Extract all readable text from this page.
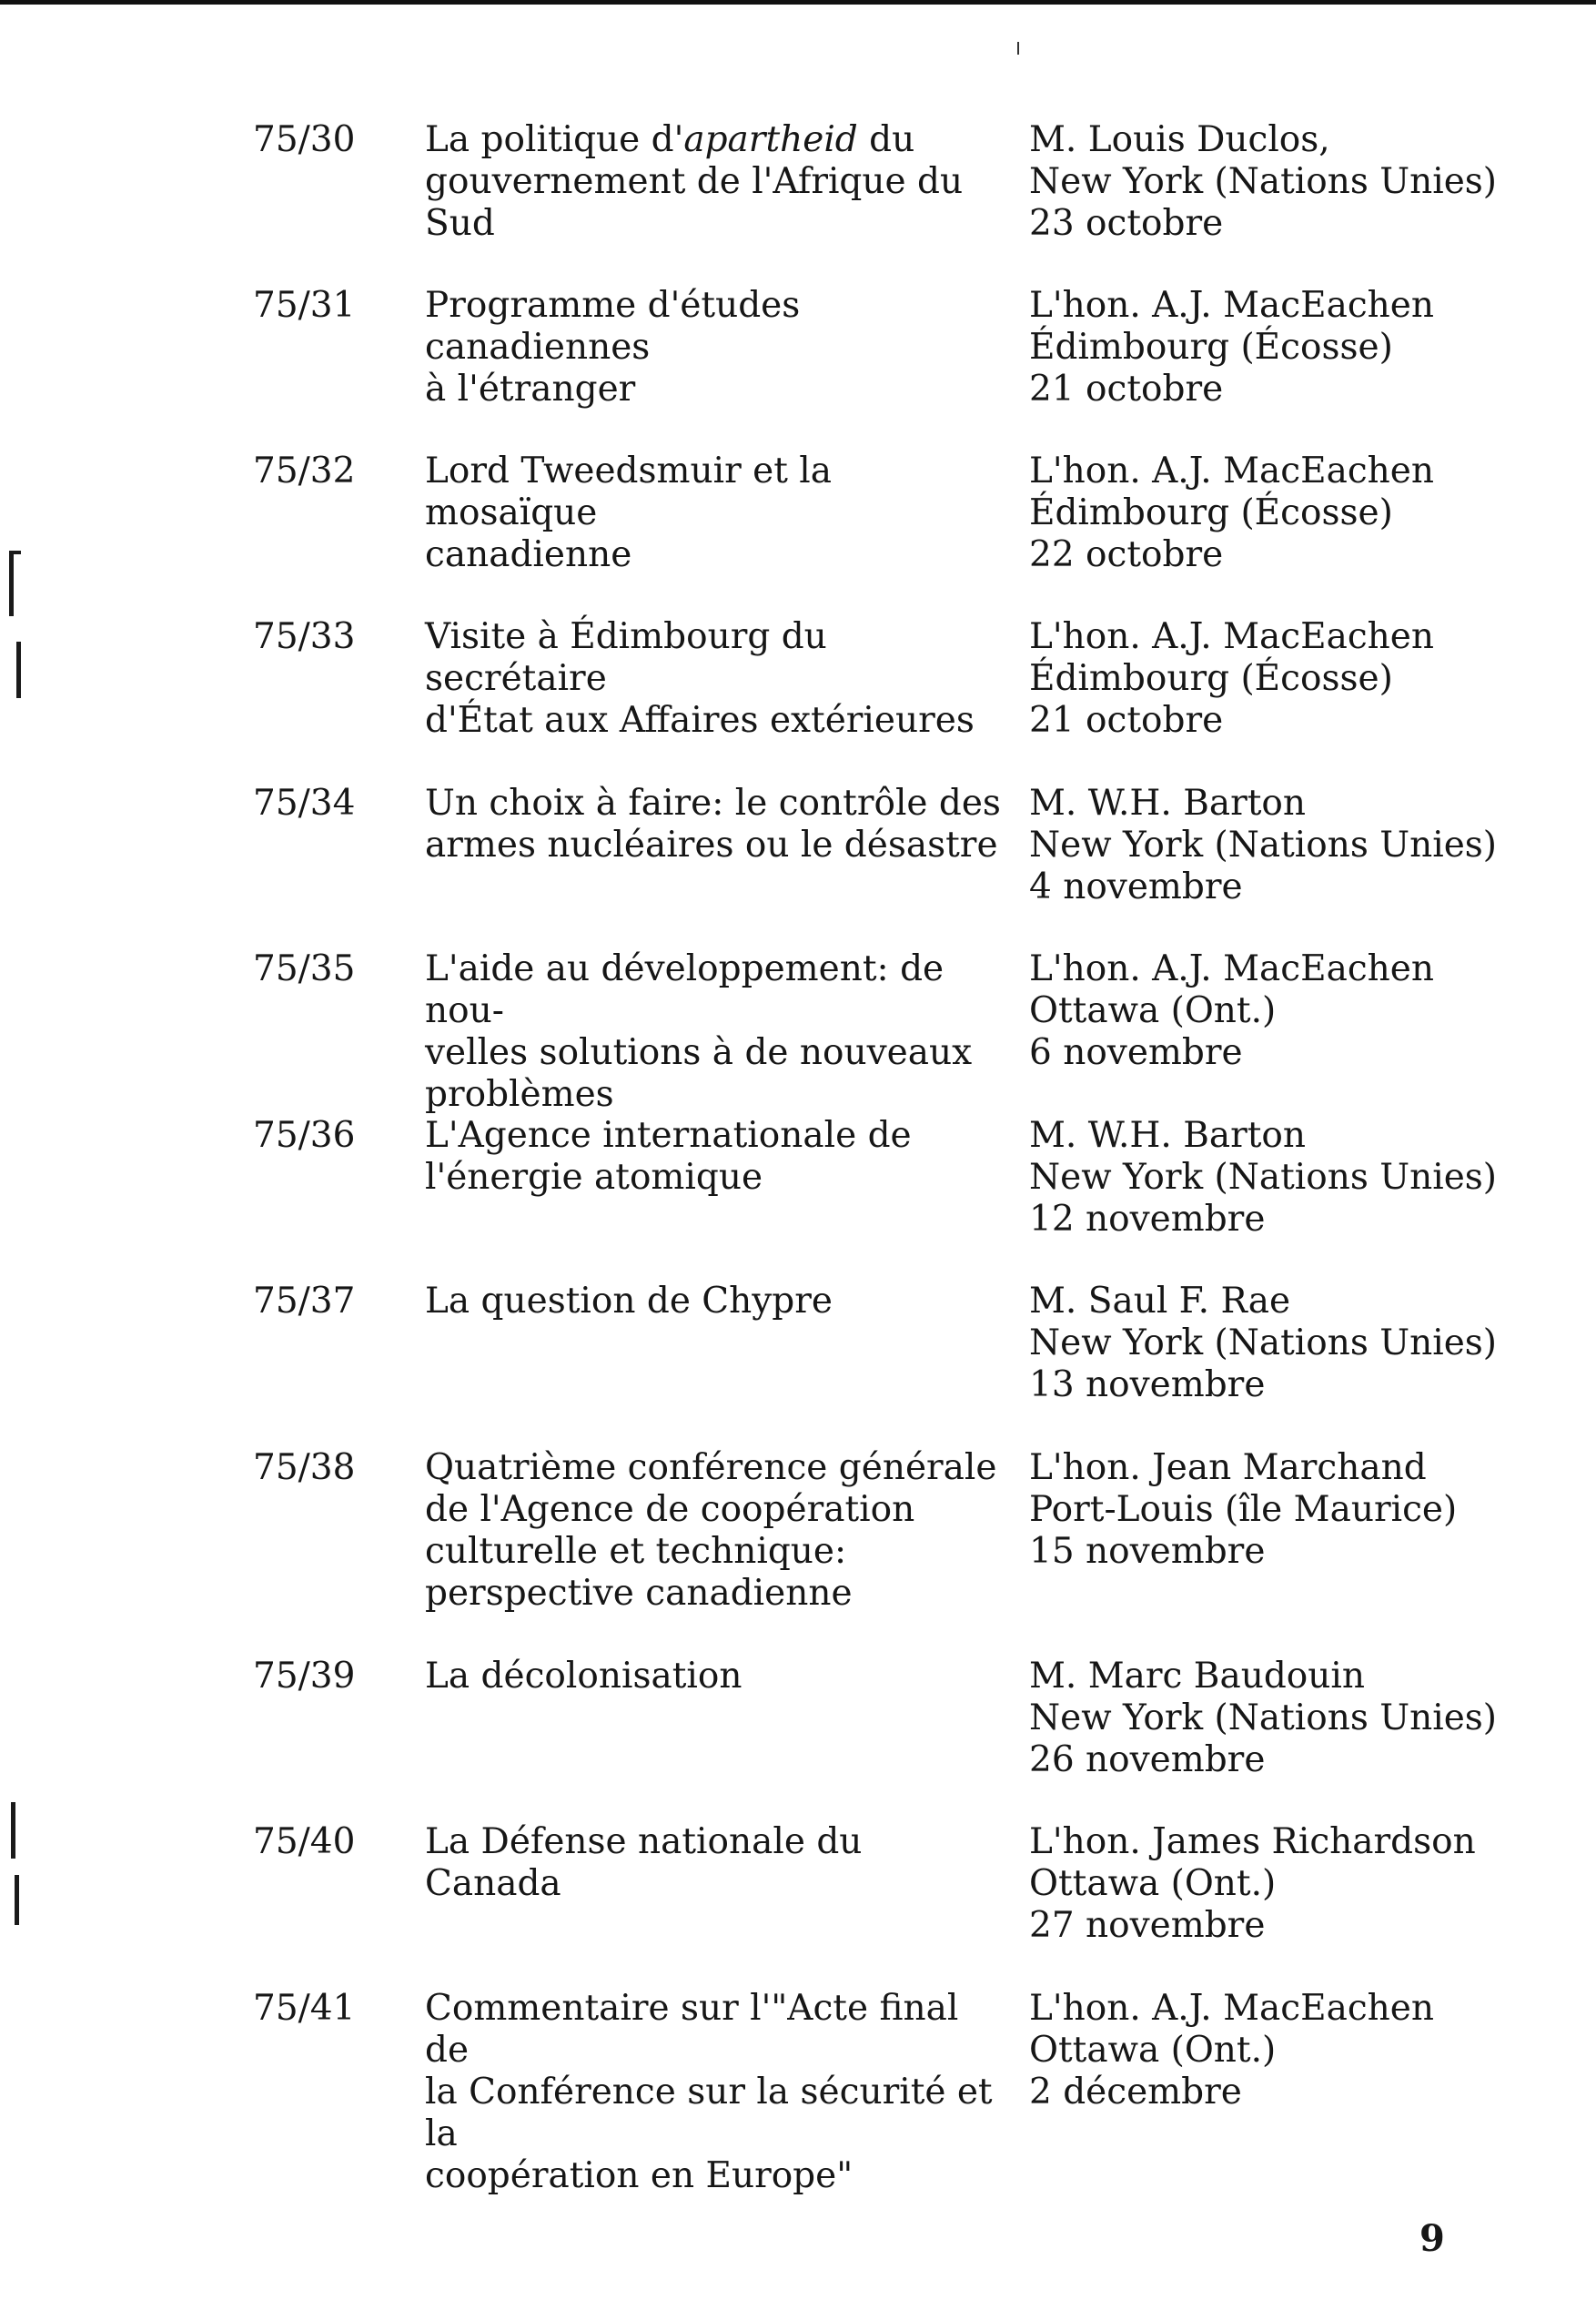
75/30 La politique d'apartheid du
gouvernement de l'Afrique du
Sud
M. Louis Duclos,
New York (Nations Unies)
23 octobre
75/31 Programme d'études canadiennes
à l'étranger
L'hon. A.J. MacEachen
Édimbourg (Écosse)
21 octobre
75/32 Lord Tweedsmuir et la mosaïque
canadienne
L'hon. A.J. MacEachen
Édimbourg (Écosse)
22 octobre
75/33 Visite à Édimbourg du secrétaire
d'État aux Affaires extérieures
L'hon. A.J. MacEachen
Édimbourg (Écosse)
21 octobre
75/34 Un choix à faire: le contrôle des
armes nucléaires ou le désastre
M. W.H. Barton
New York (Nations Unies)
4 novembre
75/35 L'aide au développement: de nou-
velles solutions à de nouveaux
problèmes
L'hon. A.J. MacEachen
Ottawa (Ont.)
6 novembre
75/36 L'Agence internationale de
l'énergie atomique
M. W.H. Barton
New York (Nations Unies)
12 novembre
75/37 La question de Chypre	M. Saul F. Rae
New York (Nations Unies)
13 novembre
75/38 Quatrième conférence générale
de l'Agence de coopération
culturelle et technique:
perspective canadienne
L'hon. Jean Marchand
Port-Louis (île Maurice)
15 novembre
75/39 La décolonisation	M. Marc Baudouin
New York (Nations Unies)
26 novembre
75/40 La Défense nationale du Canada
L'hon. James Richardson
Ottawa (Ont.)
27 novembre
75/41 Commentaire sur l'"Acte final de
la Conférence sur la sécurité et la
coopération en Europe"
L'hon. A.J. MacEachen
Ottawa (Ont.)
2 décembre
9
